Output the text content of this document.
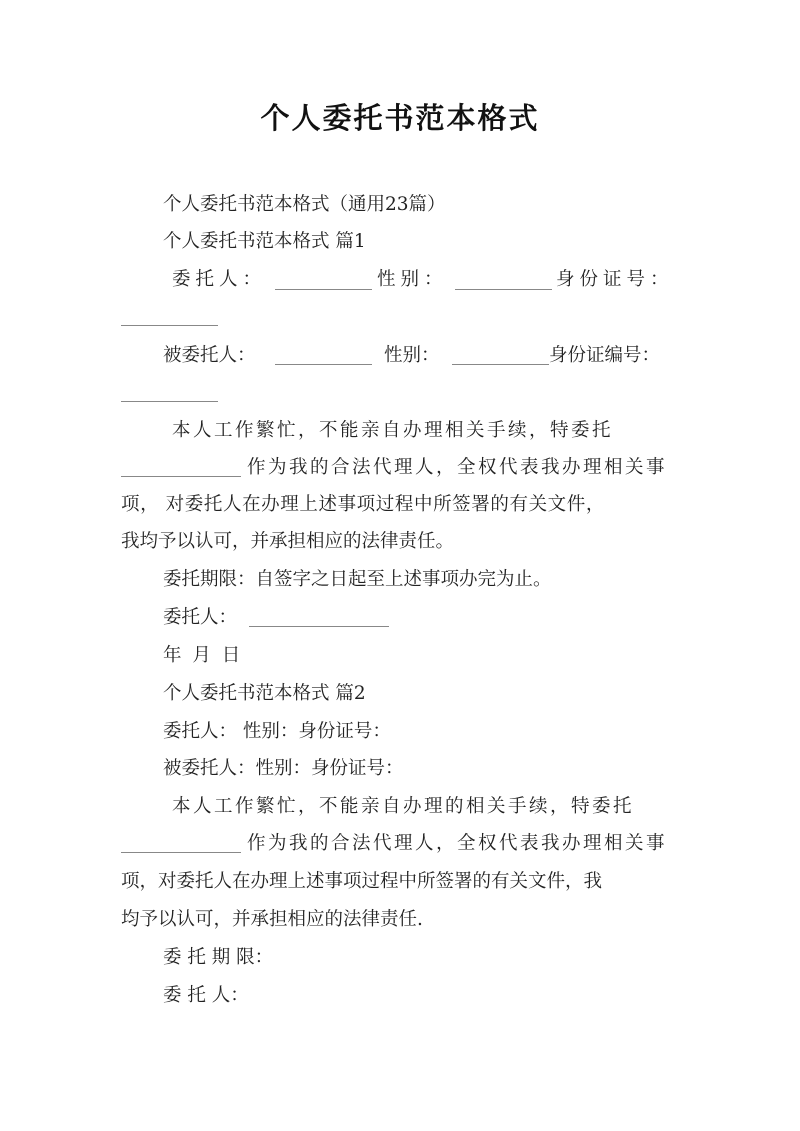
个人委托书范本格式
个人委托书范本格式（通用23篇）
个人委托书范本格式 篇1
委托人：	性别：	身份证号：
被委托人：	性别：	身份证编号：
本人工作繁忙，不能亲自办理相关手续，特委托
作为我的合法代理人，全权代表我办理相关事
项， 对委托人在办理上述事项过程中所签署的有关文件，
我均予以认可，并承担相应的法律责任。
委托期限：自签字之日起至上述事项办完为止。
委托人：
年 月 日
个人委托书范本格式 篇2
委托人： 性别：身份证号：
被委托人：性别：身份证号：
本人工作繁忙，不能亲自办理的相关手续，特委托
作为我的合法代理人，全权代表我办理相关事
项，对委托人在办理上述事项过程中所签署的有关文件，我
均予以认可，并承担相应的法律责任.
委 托 期 限：
委 托 人：
